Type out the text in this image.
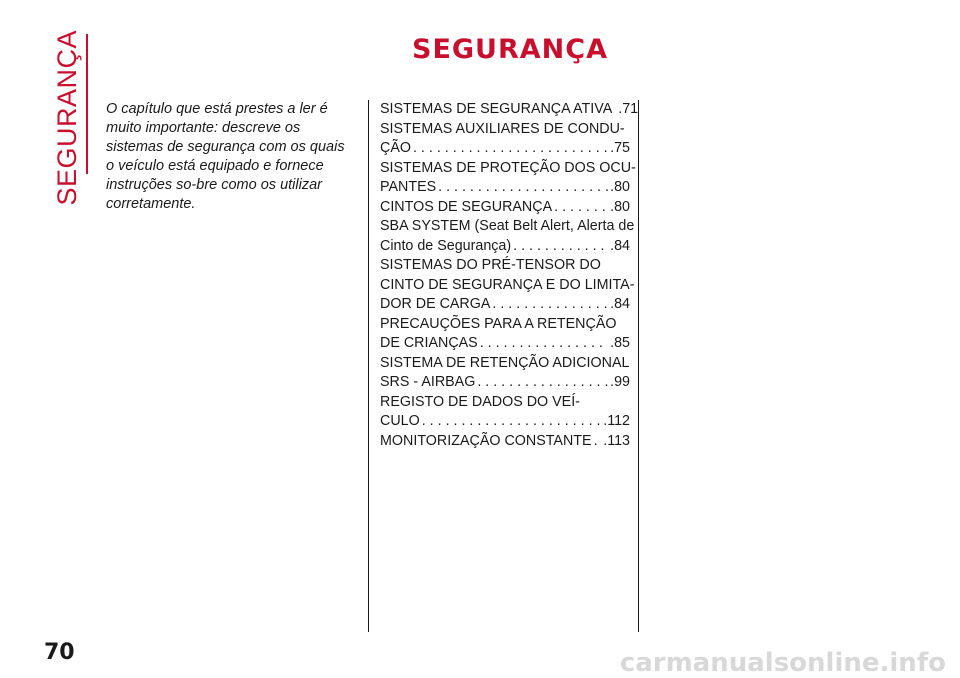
SEGURANÇA	SEGURANÇA
O capítulo que está prestes a ler é muito importante: descreve os sistemas de segurança com os quais o veículo está equipado e fornece instruções so-bre como os utilizar corretamente.
SISTEMAS DE SEGURANÇA ATIVA .71
SISTEMAS AUXILIARES DE CONDU-
ÇÃO . . .	.75
SISTEMAS DE PROTEÇÃO DOS OCU-
PANTES . . .	.80
CINTOS DE SEGURANÇA . . .	.80
SBA SYSTEM (Seat Belt Alert, Alerta de
Cinto de Segurança) . . .	.84
SISTEMAS DO PRÉ-TENSOR DO
CINTO DE SEGURANÇA E DO LIMITA-
DOR DE CARGA . . .	.84
PRECAUÇÕES PARA A RETENÇÃO
DE CRIANÇAS . . .	.85
SISTEMA DE RETENÇÃO ADICIONAL
SRS - AIRBAG . . .	.99
REGISTO DE DADOS DO VEÍ-
CULO . . .	.112
MONITORIZAÇÃO CONSTANTE . . . .113
70	carmanualsonline.info
